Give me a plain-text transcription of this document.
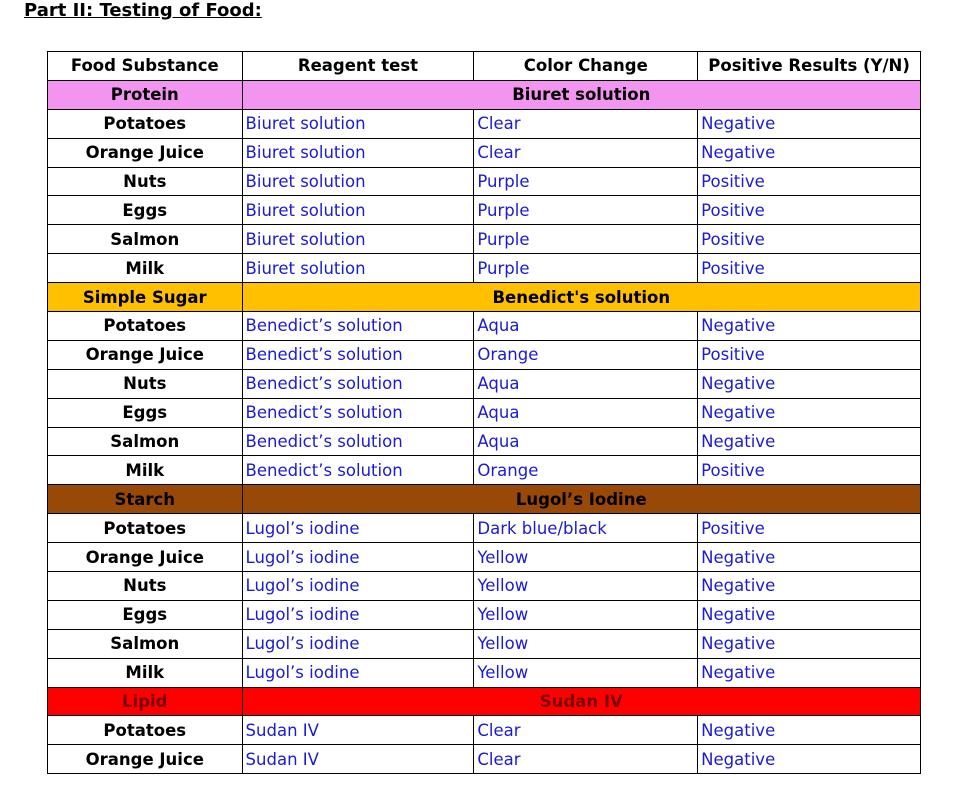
Part II: Testing of Food:
Food Substance	Reagent test	Color Change	Positive Results (Y/N)
Protein	Biuret solution		
Potatoes	Biuret solution	Clear	Negative
Orange Juice	Biuret solution	Clear	Negative
Nuts	Biuret solution	Purple	Positive
Eggs	Biuret solution	Purple	Positive
Salmon	Biuret solution	Purple	Positive
Milk	Biuret solution	Purple	Positive
Simple Sugar	Benedict's solution		
Potatoes	Benedict’s solution	Aqua	Negative
Orange Juice	Benedict’s solution	Orange	Positive
Nuts	Benedict’s solution	Aqua	Negative
Eggs	Benedict’s solution	Aqua	Negative
Salmon	Benedict’s solution	Aqua	Negative
Milk	Benedict’s solution	Orange	Positive
Starch	Lugol’s Iodine		
Potatoes	Lugol’s iodine	Dark blue/black	Positive
Orange Juice	Lugol’s iodine	Yellow	Negative
Nuts	Lugol’s iodine	Yellow	Negative
Eggs	Lugol’s iodine	Yellow	Negative
Salmon	Lugol’s iodine	Yellow	Negative
Milk	Lugol’s iodine	Yellow	Negative
Lipid	Sudan IV		
Potatoes	Sudan IV	Clear	Negative
Orange Juice	Sudan IV	Clear	Negative
